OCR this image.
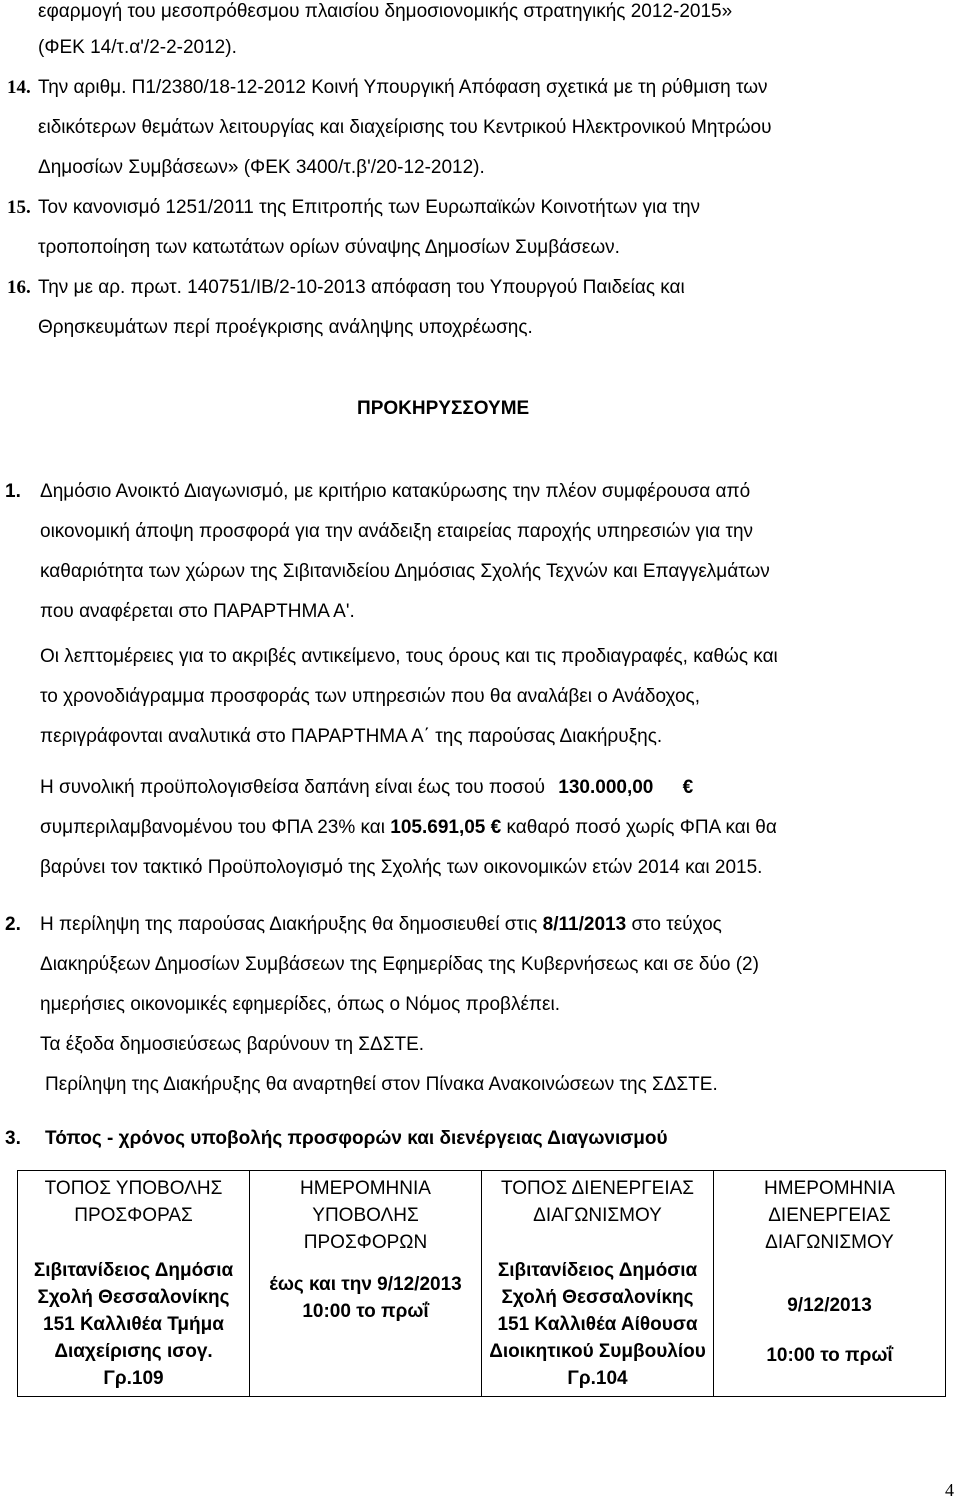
εφαρμογή του μεσοπρόθεσμου πλαισίου δημοσιονομικής στρατηγικής 2012-2015»
(ΦΕΚ 14/τ.α'/2-2-2012).
14. Την αριθμ. Π1/2380/18-12-2012 Κοινή Υπουργική Απόφαση σχετικά με τη ρύθμιση των
ειδικότερων θεμάτων λειτουργίας και διαχείρισης του Κεντρικού Ηλεκτρονικού Μητρώου
Δημοσίων Συμβάσεων» (ΦΕΚ 3400/τ.β'/20-12-2012).
15. Τον κανονισμό 1251/2011 της Επιτροπής των Ευρωπαϊκών Κοινοτήτων για την
τροποποίηση των κατωτάτων ορίων σύναψης Δημοσίων Συμβάσεων.
16. Την με αρ. πρωτ. 140751/ΙΒ/2-10-2013 απόφαση του Υπουργού Παιδείας και
Θρησκευμάτων περί προέγκρισης ανάληψης υποχρέωσης.
ΠΡΟΚΗΡΥΣΣΟΥΜΕ
1. Δημόσιο Ανοικτό Διαγωνισμό, με κριτήριο κατακύρωσης την πλέον συμφέρουσα από
οικονομική άποψη προσφορά για την ανάδειξη εταιρείας παροχής υπηρεσιών για την
καθαριότητα των χώρων της Σιβιτανιδείου Δημόσιας Σχολής Τεχνών και Επαγγελμάτων
που αναφέρεται στο ΠΑΡΑΡΤΗΜΑ Α'.
Οι λεπτομέρειες για το ακριβές αντικείμενο, τους όρους και τις προδιαγραφές, καθώς και
το χρονοδιάγραμμα προσφοράς των υπηρεσιών που θα αναλάβει ο Ανάδοχος,
περιγράφονται αναλυτικά στο ΠΑΡΑΡΤΗΜΑ Α΄ της παρούσας Διακήρυξης.
Η συνολική προϋπολογισθείσα δαπάνη είναι έως του ποσού 130.000,00 €
συμπεριλαμβανομένου του ΦΠΑ 23% και 105.691,05 € καθαρό ποσό χωρίς ΦΠΑ και θα
βαρύνει τον τακτικό Προϋπολογισμό της Σχολής των οικονομικών ετών 2014 και 2015.
2. Η περίληψη της παρούσας Διακήρυξης θα δημοσιευθεί στις 8/11/2013 στο τεύχος
Διακηρύξεων Δημοσίων Συμβάσεων της Εφημερίδας της Κυβερνήσεως και σε δύο (2)
ημερήσιες οικονομικές εφημερίδες, όπως ο Νόμος προβλέπει.
Τα έξοδα δημοσιεύσεως βαρύνουν τη ΣΔΣΤΕ.
Περίληψη της Διακήρυξης θα αναρτηθεί στον Πίνακα Ανακοινώσεων της ΣΔΣΤΕ.
3. Τόπος - χρόνος υποβολής προσφορών και διενέργειας Διαγωνισμού
ΤΟΠΟΣ ΥΠΟΒΟΛΗΣ ΠΡΟΣΦΟΡΑΣ
Σιβιτανίδειος Δημόσια Σχολή Θεσσαλονίκης 151 Καλλιθέα Τμήμα Διαχείρισης ισογ. Γρ.109

ΗΜΕΡΟΜΗΝΙΑ ΥΠΟΒΟΛΗΣ ΠΡΟΣΦΟΡΩΝ
έως και την 9/12/2013
10:00 το πρωΐ

ΤΟΠΟΣ ΔΙΕΝΕΡΓΕΙΑΣ ΔΙΑΓΩΝΙΣΜΟΥ
Σιβιτανίδειος Δημόσια Σχολή Θεσσαλονίκης 151 Καλλιθέα Αίθουσα Διοικητικού Συμβουλίου Γρ.104

ΗΜΕΡΟΜΗΝΙΑ ΔΙΕΝΕΡΓΕΙΑΣ ΔΙΑΓΩΝΙΣΜΟΥ
9/12/2013
10:00 το πρωΐ
4
